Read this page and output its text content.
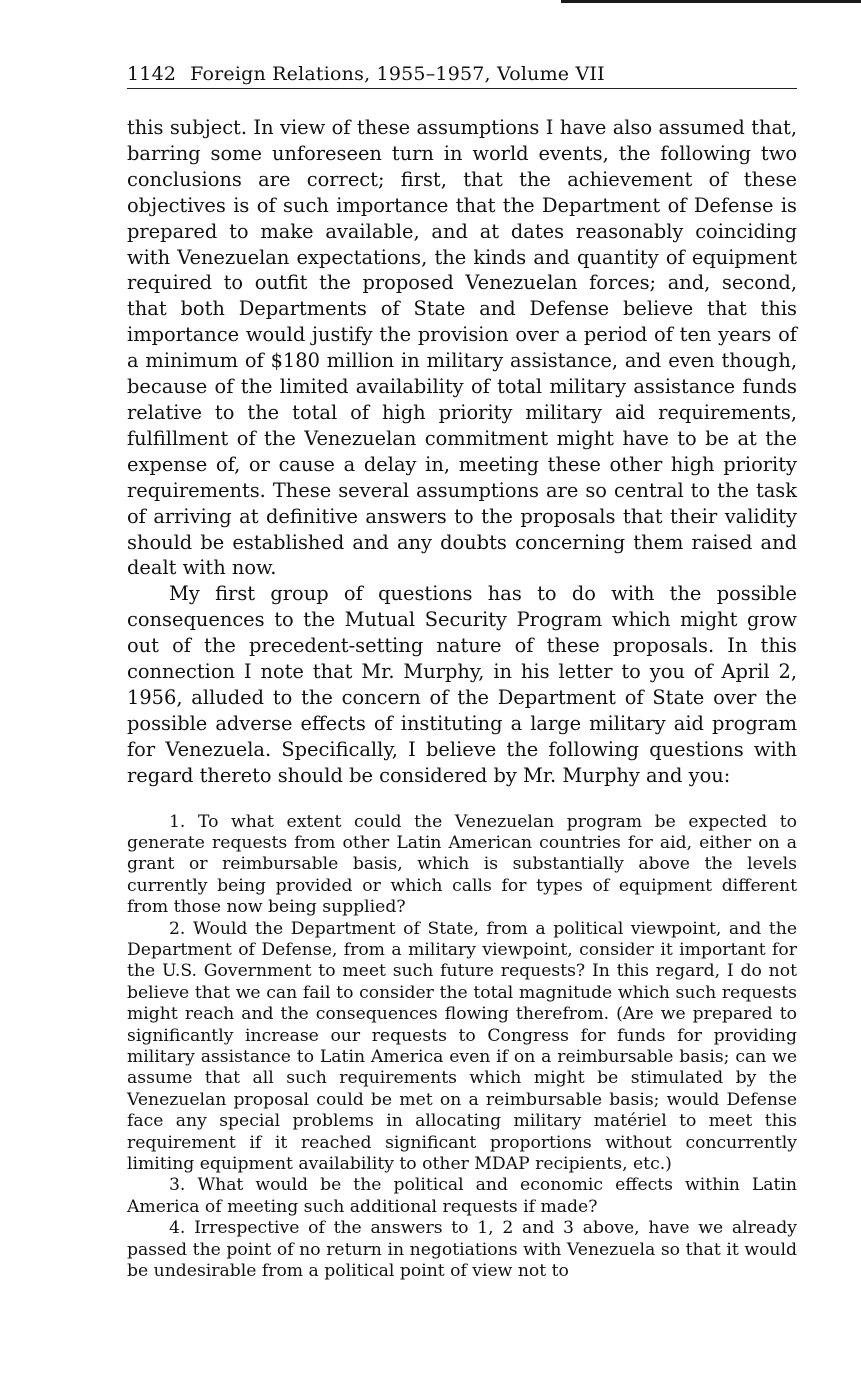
1142 Foreign Relations, 1955–1957, Volume VII

this subject. In view of these assumptions I have also assumed that, barring some unforeseen turn in world events, the following two conclusions are correct; first, that the achievement of these objectives is of such importance that the Department of Defense is prepared to make available, and at dates reasonably coinciding with Venezuelan expectations, the kinds and quantity of equipment required to outfit the proposed Venezuelan forces; and, second, that both Departments of State and Defense believe that this importance would justify the provision over a period of ten years of a minimum of $180 million in military assistance, and even though, because of the limited availability of total military assistance funds relative to the total of high priority military aid requirements, fulfillment of the Venezuelan commitment might have to be at the expense of, or cause a delay in, meeting these other high priority requirements. These several assumptions are so central to the task of arriving at definitive answers to the proposals that their validity should be established and any doubts concerning them raised and dealt with now.

My first group of questions has to do with the possible consequences to the Mutual Security Program which might grow out of the precedent-setting nature of these proposals. In this connection I note that Mr. Murphy, in his letter to you of April 2, 1956, alluded to the concern of the Department of State over the possible adverse effects of instituting a large military aid program for Venezuela. Specifically, I believe the following questions with regard thereto should be considered by Mr. Murphy and you:

1. To what extent could the Venezuelan program be expected to generate requests from other Latin American countries for aid, either on a grant or reimbursable basis, which is substantially above the levels currently being provided or which calls for types of equipment different from those now being supplied?

2. Would the Department of State, from a political viewpoint, and the Department of Defense, from a military viewpoint, consider it important for the U.S. Government to meet such future requests? In this regard, I do not believe that we can fail to consider the total magnitude which such requests might reach and the consequences flowing therefrom. (Are we prepared to significantly increase our requests to Congress for funds for providing military assistance to Latin America even if on a reimbursable basis; can we assume that all such requirements which might be stimulated by the Venezuelan proposal could be met on a reimbursable basis; would Defense face any special problems in allocating military matériel to meet this requirement if it reached significant proportions without concurrently limiting equipment availability to other MDAP recipients, etc.)

3. What would be the political and economic effects within Latin America of meeting such additional requests if made?

4. Irrespective of the answers to 1, 2 and 3 above, have we already passed the point of no return in negotiations with Venezuela so that it would be undesirable from a political point of view not to
